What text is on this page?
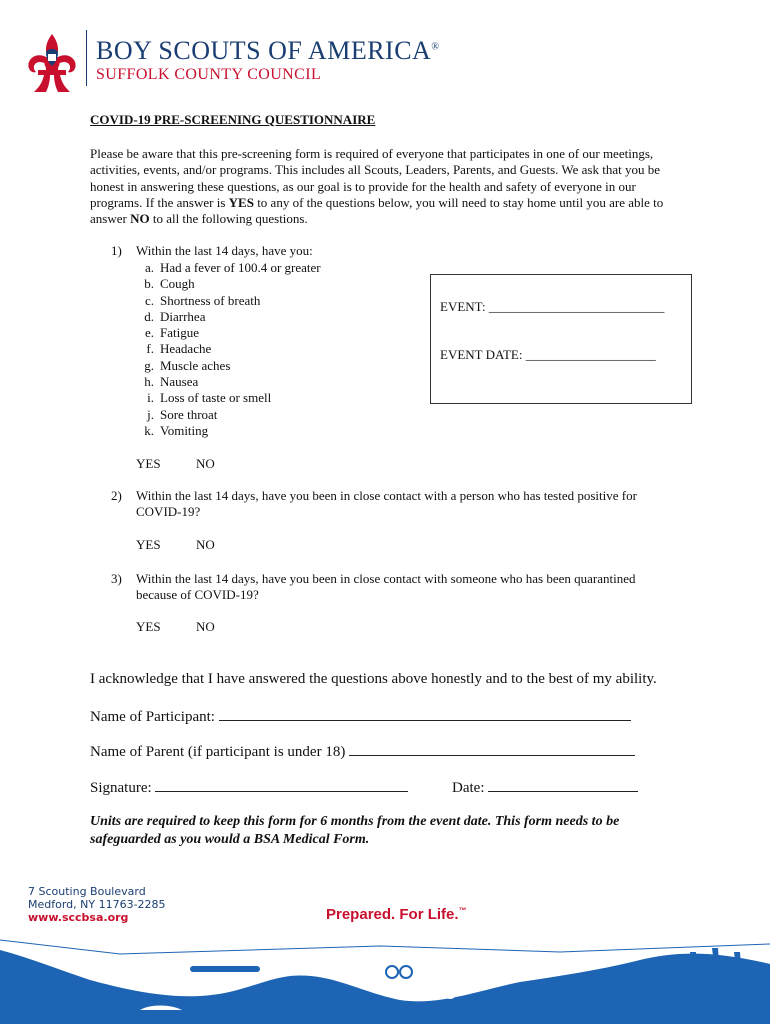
BOY SCOUTS OF AMERICA®
SUFFOLK COUNTY COUNCIL
COVID-19 PRE-SCREENING QUESTIONNAIRE
Please be aware that this pre-screening form is required of everyone that participates in one of our meetings, activities, events, and/or programs. This includes all Scouts, Leaders, Parents, and Guests. We ask that you be honest in answering these questions, as our goal is to provide for the health and safety of everyone in our programs. If the answer is YES to any of the questions below, you will need to stay home until you are able to answer NO to all the following questions.
1) Within the last 14 days, have you:
a. Had a fever of 100.4 or greater
b. Cough
c. Shortness of breath
d. Diarrhea
e. Fatigue
f. Headache
g. Muscle aches
h. Nausea
i. Loss of taste or smell
j. Sore throat
k. Vomiting
EVENT: ___________________________
EVENT DATE: ____________________
YES	NO
2) Within the last 14 days, have you been in close contact with a person who has tested positive for
COVID-19?
YES	NO
3) Within the last 14 days, have you been in close contact with someone who has been quarantined
because of COVID-19?
YES	NO
I acknowledge that I have answered the questions above honestly and to the best of my ability.
Name of Participant:
Name of Parent (if participant is under 18)
Signature:	Date:
Units are required to keep this form for 6 months from the event date. This form needs to be safeguarded as you would a BSA Medical Form.
7 Scouting Boulevard
Medford, NY 11763-2285
www.sccbsa.org	Prepared. For Life.™
